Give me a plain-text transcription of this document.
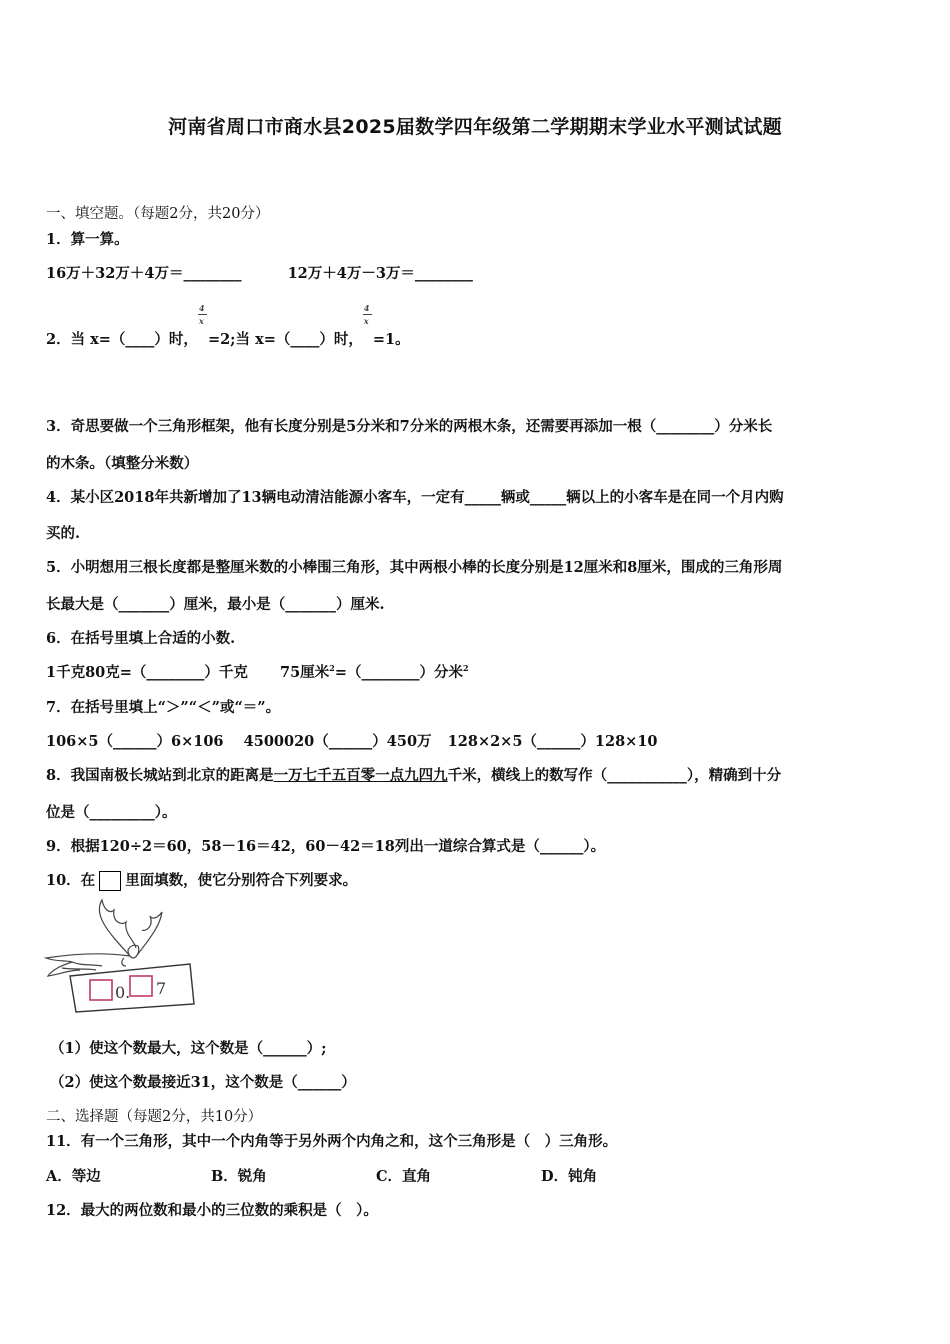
河南省周口市商水县2025届数学四年级第二学期期末学业水平测试试题
一、填空题。（每题2分，共20分）
1．算一算。
16万＋32万＋4万＝________	12万＋4万－3万＝________
2．当 x=（____）时， $\frac{4}{x} =2$;当 x=（____）时， $\frac{4}{x} =1$。
3．奇思要做一个三角形框架，他有长度分别是5分米和7分米的两根木条，还需要再添加一根（________）分米长
的木条。（填整分米数）
4．某小区2018年共新增加了13辆电动清洁能源小客车，一定有_____辆或_____辆以上的小客车是在同一个月内购
买的.
5．小明想用三根长度都是整厘米数的小棒围三角形，其中两根小棒的长度分别是12厘米和8厘米，围成的三角形周
长最大是（_______）厘米，最小是（_______）厘米.
6．在括号里填上合适的小数.
1千克80克=（________）千克 75厘米$^2$=（________）分米$^2$
7．在括号里填上“＞”“＜”或“＝”。
106×5（______）6×106 4500020（______）450万 128×2×5（______）128×10
8．我国南极长城站到北京的距离是一万七千五百零一点九四九千米，横线上的数写作（___________），精确到十分
位是（_________）。
9．根据120÷2＝60，58－16＝42，60－42＝18列出一道综合算式是（______）。
10．在 里面填数，使它分别符合下列要求。
0. 7
（1）使这个数最大，这个数是（______）;
（2）使这个数最接近31，这个数是（______）
二、选择题（每题2分，共10分）
11．有一个三角形，其中一个内角等于另外两个内角之和，这个三角形是（　）三角形。
A．等边	B．锐角	C．直角	D．钝角
12．最大的两位数和最小的三位数的乘积是（　）。
